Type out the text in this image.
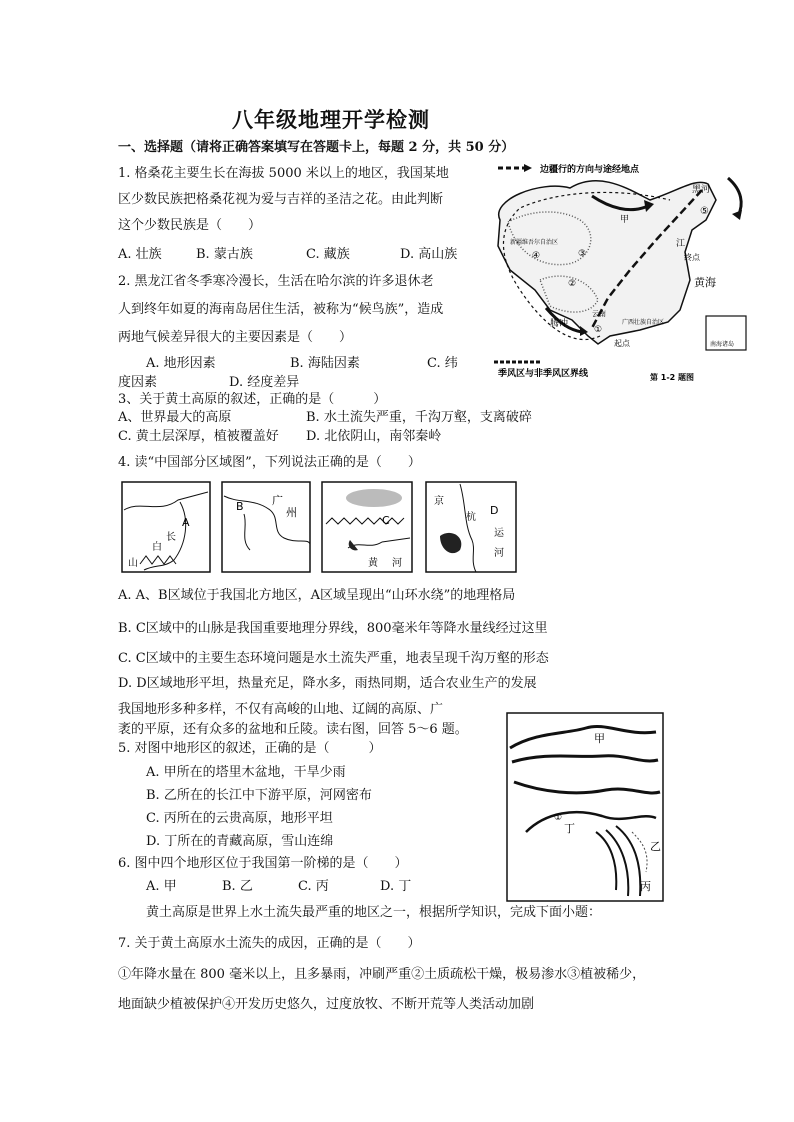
八年级地理开学检测
一、选择题（请将正确答案填写在答题卡上，每题 2 分，共 50 分）
1. 格桑花主要生长在海拔 5000 米以上的地区，我国某地
区少数民族把格桑花视为爱与吉祥的圣洁之花。由此判断
这个少数民族是（　　）
A. 壮族	B. 蒙古族	C. 藏族	D. 高山族
2. 黑龙江省冬季寒冷漫长，生活在哈尔滨的许多退休老
人到终年如夏的海南岛居住生活，被称为“候鸟族”，造成
两地气候差异很大的主要因素是（　　）
A. 地形因素	B. 海陆因素	C. 纬
度因素	D. 经度差异
3、关于黄土高原的叙述，正确的是（　　　）
A、世界最大的高原	B. 水土流失严重，千沟万壑，支离破碎
C. 黄土层深厚，植被覆盖好 D. 北依阴山，南邻秦岭
4. 读“中国部分区域图”，下列说法正确的是（　　）
边疆行的方向与途经地点
黑河
甲
新疆维吾尔自治区
④	③
②
①
⑤
江
终点
黄海
腾冲
云南
广西壮族自治区
起点	南海诸岛
季风区与非季风区界线	第 1-2 题图
A
白
长
山
B	广
州
C
黄 河
京
杭
D
运
河
A. A、B区域位于我国北方地区，A区域呈现出“山环水绕”的地理格局
B. C区域中的山脉是我国重要地理分界线，800毫米年等降水量线经过这里
C. C区域中的主要生态环境问题是水土流失严重，地表呈现千沟万壑的形态
D. D区域地形平坦，热量充足，降水多，雨热同期，适合农业生产的发展
我国地形多种多样，不仅有高峻的山地、辽阔的高原、广
袤的平原，还有众多的盆地和丘陵。读右图，回答 5～6 题。
5. 对图中地形区的叙述，正确的是（　　　）
A. 甲所在的塔里木盆地，干旱少雨
B. 乙所在的长江中下游平原，河网密布
C. 丙所在的云贵高原，地形平坦
D. 丁所在的青藏高原，雪山连绵
6. 图中四个地形区位于我国第一阶梯的是（　　）
A. 甲	B. 乙	C. 丙	D. 丁
甲
①
丁
乙
丙
黄土高原是世界上水土流失最严重的地区之一，根据所学知识，完成下面小题：
7. 关于黄土高原水土流失的成因，正确的是（　　）
①年降水量在 800 毫米以上，且多暴雨，冲刷严重②土质疏松干燥，极易渗水③植被稀少，
地面缺少植被保护④开发历史悠久，过度放牧、不断开荒等人类活动加剧
